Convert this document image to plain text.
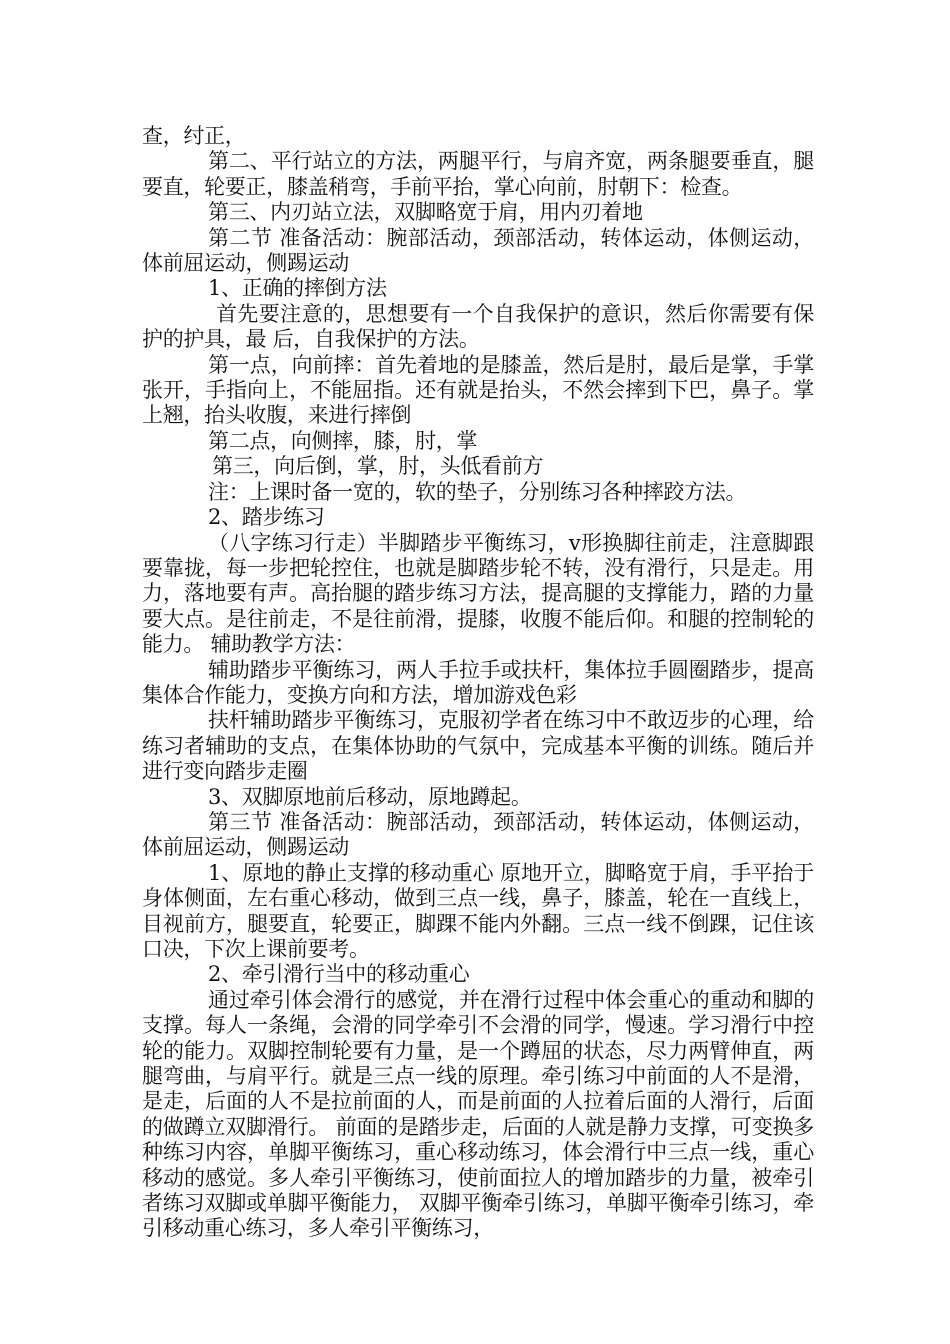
查，纣正，

第二、平行站立的方法，两腿平行，与肩齐宽，两条腿要垂直，腿要直，轮要正，膝盖稍弯，手前平抬，掌心向前，肘朝下：检查。

第三、内刃站立法，双脚略宽于肩，用内刃着地

第二节 准备活动：腕部活动，颈部活动，转体运动，体侧运动，体前屈运动，侧踢运动

1、正确的摔倒方法

首先要注意的，思想要有一个自我保护的意识，然后你需要有保护的护具，最 后，自我保护的方法。

第一点，向前摔：首先着地的是膝盖，然后是肘，最后是掌，手掌张开，手指向上，不能屈指。还有就是抬头，不然会摔到下巴，鼻子。掌上翘，抬头收腹，来进行摔倒

第二点，向侧摔，膝，肘，掌

第三，向后倒，掌，肘，头低看前方

注：上课时备一宽的，软的垫子，分别练习各种摔跤方法。

2、踏步练习

（八字练习行走）半脚踏步平衡练习，v形换脚往前走，注意脚跟要靠拢，每一步把轮控住，也就是脚踏步轮不转，没有滑行，只是走。用力，落地要有声。高抬腿的踏步练习方法，提高腿的支撑能力，踏的力量要大点。是往前走，不是往前滑，提膝，收腹不能后仰。和腿的控制轮的能力。 辅助教学方法：

辅助踏步平衡练习，两人手拉手或扶杆，集体拉手圆圈踏步，提高集体合作能力，变换方向和方法，增加游戏色彩

扶杆辅助踏步平衡练习，克服初学者在练习中不敢迈步的心理，给练习者辅助的支点，在集体协助的气氛中，完成基本平衡的训练。随后并进行变向踏步走圈

3、双脚原地前后移动，原地蹲起。

第三节 准备活动：腕部活动，颈部活动，转体运动，体侧运动，体前屈运动，侧踢运动

1、原地的静止支撑的移动重心 原地开立，脚略宽于肩，手平抬于身体侧面，左右重心移动，做到三点一线，鼻子，膝盖，轮在一直线上，目视前方，腿要直，轮要正，脚踝不能内外翻。三点一线不倒踝，记住该口决，下次上课前要考。

2、牵引滑行当中的移动重心

通过牵引体会滑行的感觉，并在滑行过程中体会重心的重动和脚的支撑。每人一条绳，会滑的同学牵引不会滑的同学，慢速。学习滑行中控轮的能力。双脚控制轮要有力量，是一个蹲屈的状态，尽力两臂伸直，两腿弯曲，与肩平行。就是三点一线的原理。牵引练习中前面的人不是滑，是走，后面的人不是拉前面的人，而是前面的人拉着后面的人滑行，后面的做蹲立双脚滑行。 前面的是踏步走，后面的人就是静力支撑，可变换多种练习内容，单脚平衡练习，重心移动练习，体会滑行中三点一线，重心移动的感觉。多人牵引平衡练习，使前面拉人的增加踏步的力量，被牵引者练习双脚或单脚平衡能力， 双脚平衡牵引练习，单脚平衡牵引练习，牵引移动重心练习，多人牵引平衡练习，
